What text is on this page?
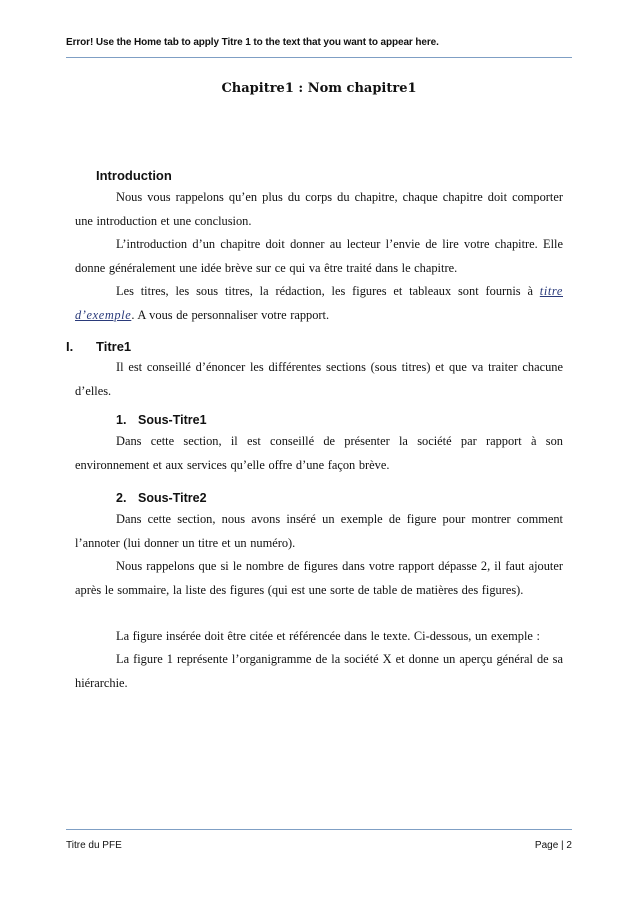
Error! Use the Home tab to apply Titre 1 to the text that you want to appear here.
Chapitre1 : Nom chapitre1
Introduction

Nous vous rappelons qu’en plus du corps du chapitre, chaque chapitre doit comporter une introduction et une conclusion.

L’introduction d’un chapitre doit donner au lecteur l’envie de lire votre chapitre. Elle donne généralement une idée brève sur ce qui va être traité dans le chapitre.

Les titres, les sous titres, la rédaction, les figures et tableaux sont fournis à titre d’exemple. A vous de personnaliser votre rapport.

I. Titre1

Il est conseillé d’énoncer les différentes sections (sous titres) et que va traiter chacune d’elles.

1. Sous-Titre1

Dans cette section, il est conseillé de présenter la société par rapport à son environnement et aux services qu’elle offre d’une façon brève.

2. Sous-Titre2

Dans cette section, nous avons inséré un exemple de figure pour montrer comment l’annoter (lui donner un titre et un numéro).

Nous rappelons que si le nombre de figures dans votre rapport dépasse 2, il faut ajouter après le sommaire, la liste des figures (qui est une sorte de table de matières des figures).

La figure insérée doit être citée et référencée dans le texte. Ci-dessous, un exemple :

La figure 1 représente l’organigramme de la société X et donne un aperçu général de sa hiérarchie.

Titre du PFE	Page | 2
